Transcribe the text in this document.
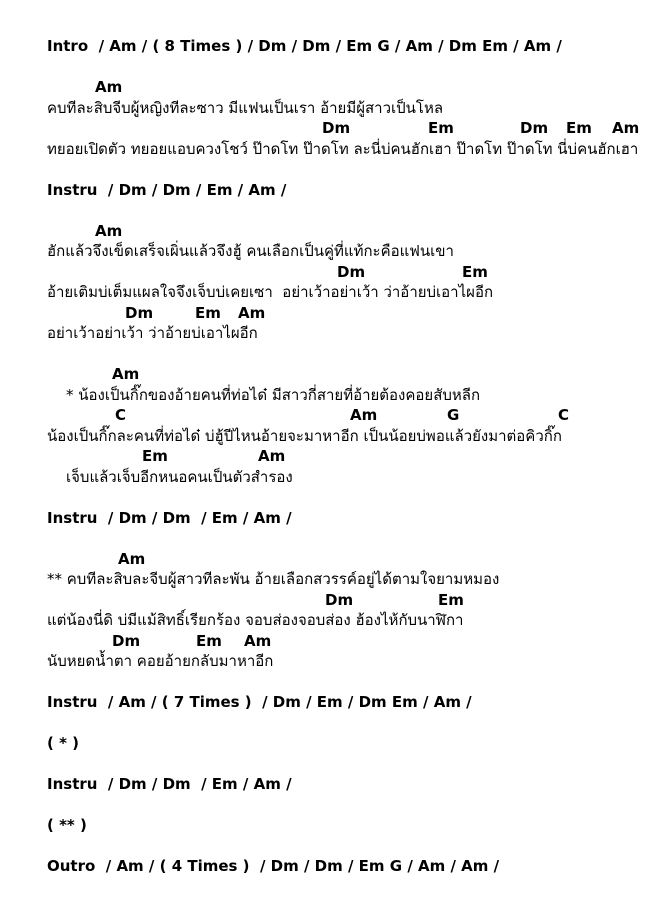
Intro  / Am / ( 8 Times ) / Dm / Dm / Em G / Am / Dm Em / Am /

Am

คบทีละสิบจีบผู้หญิงทีละซาว มีแฟนเป็นเรา อ้ายมีผู้สาวเป็นโหล

Dm

	Em

	Dm

Em

Am

ทยอยเปิดตัว ทยอยแอบควงโชว์ ป๊าดโท ป๊าดโท ละนี่บ่คนฮักเฮา ป๊าดโท ป๊าดโท นี่บ่คนฮักเฮา
Instru  / Dm / Dm / Em / Am /

Am

ฮักแล้วจึงเข็ดเสร็จเผิ่นแล้วจึงฮู้ คนเลือกเป็นคู่ที่แท้กะคือแฟนเขา

Dm

	Em

อ้ายเติมบ่เต็มแผลใจจึงเจ็บบ่เคยเซา  อย่าเว้าอย่าเว้า ว่าอ้ายบ่เอาไผอีก

Dm

	Em

Am

อย่าเว้าอย่าเว้า ว่าอ้ายบ่เอาไผอีก

Am

* น้องเป็นกิ๊กของอ้ายคนที่ท่อได๋ มีสาวกี่สายที่อ้ายต้องคอยสับหลีก

C

	Am

	G

	C

น้องเป็นกิ๊กละคนที่ท่อได๋ บ่ฮู้ปีไหนอ้ายจะมาหาอีก เป็นน้อยบ่พอแล้วยังมาต่อคิวกิ๊ก

Em

	Am

เจ็บแล้วเจ็บอีกหนอคนเป็นตัวสำรอง
Instru  / Dm / Dm  / Em / Am /

Am

** คบทีละสิบละจีบผู้สาวทีละพัน อ้ายเลือกสวรรค์อยู่ได้ตามใจยามหมอง

Dm

	Em

แต่น้องนี่ดิ บ่มีแม้สิทธิ์เรียกร้อง จอบส่องจอบส่อง ฮ้องไห้กับนาฬิกา

Dm

	Em

Am

นับหยดน้ำตา คอยอ้ายกลับมาหาอีก
Instru  / Am / ( 7 Times )  / Dm / Em / Dm Em / Am /
( * )
Instru  / Dm / Dm  / Em / Am /
( ** )
Outro  / Am / ( 4 Times )  / Dm / Dm / Em G / Am / Am /
